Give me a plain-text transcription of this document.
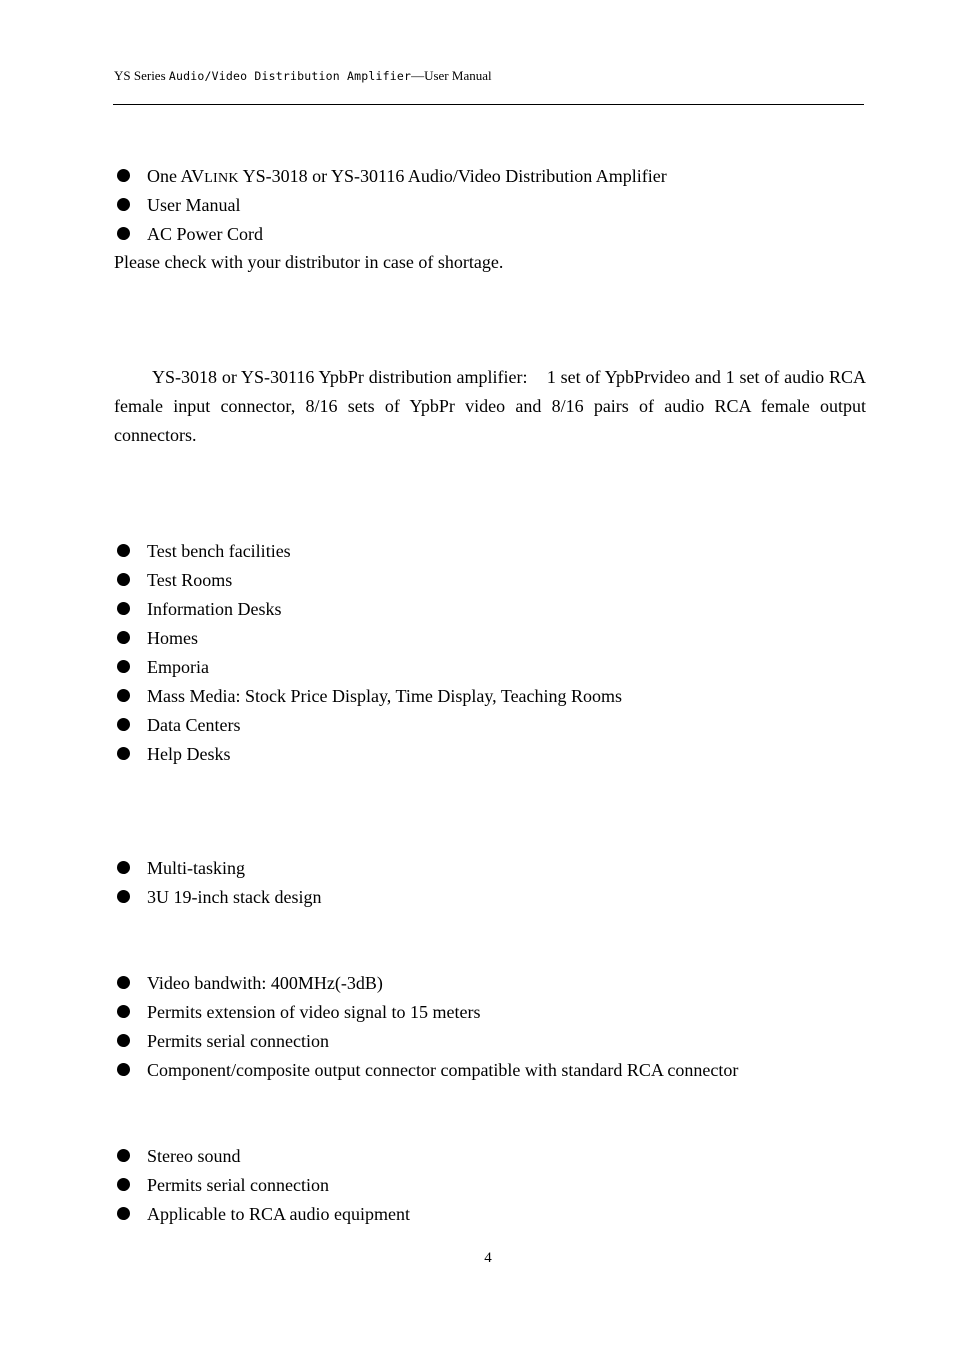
YS Series Audio/Video Distribution Amplifier—User Manual
One AVLINK YS-3018 or YS-30116 Audio/Video Distribution Amplifier
User Manual
AC Power Cord
Please check with your distributor in case of shortage.

YS-3018 or YS-30116 YpbPr distribution amplifier:    1 set of YpbPrvideo and 1 set of audio RCA female input connector, 8/16 sets of YpbPr video and 8/16 pairs of audio RCA female output connectors.

Test bench facilities
Test Rooms
Information Desks
Homes
Emporia
Mass Media: Stock Price Display, Time Display, Teaching Rooms
Data Centers
Help Desks
Multi-tasking
3U 19-inch stack design
Video bandwith: 400MHz(-3dB)
Permits extension of video signal to 15 meters
Permits serial connection
Component/composite output connector compatible with standard RCA connector
Stereo sound
Permits serial connection
Applicable to RCA audio equipment
4
